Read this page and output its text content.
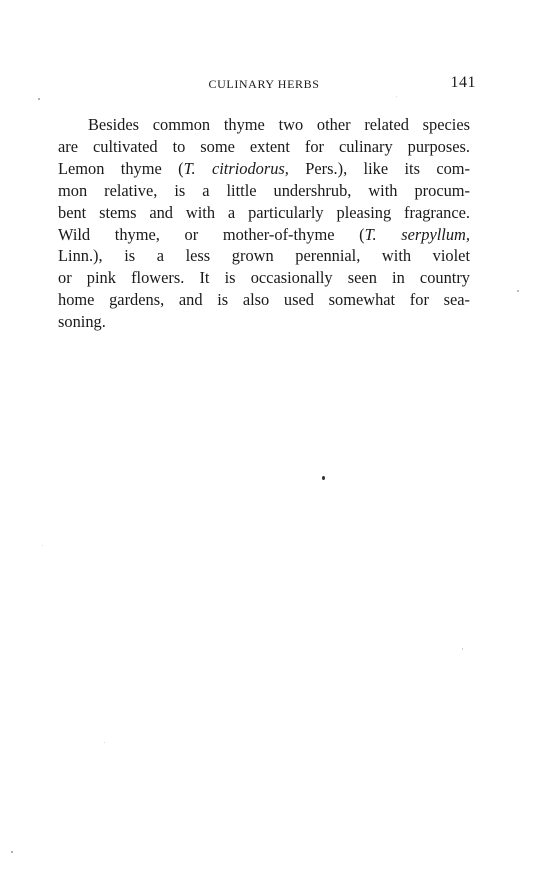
CULINARY HERBS	141

Besides common thyme two other related species
are cultivated to some extent for culinary purposes.
Lemon thyme (T. citriodorus, Pers.), like its com-
mon relative, is a little undershrub, with procum-
bent stems and with a particularly pleasing fragrance.
Wild thyme, or mother-of-thyme (T. serpyllum,
Linn.), is a less grown perennial, with violet
or pink flowers. It is occasionally seen in country
home gardens, and is also used somewhat for sea-
soning.
